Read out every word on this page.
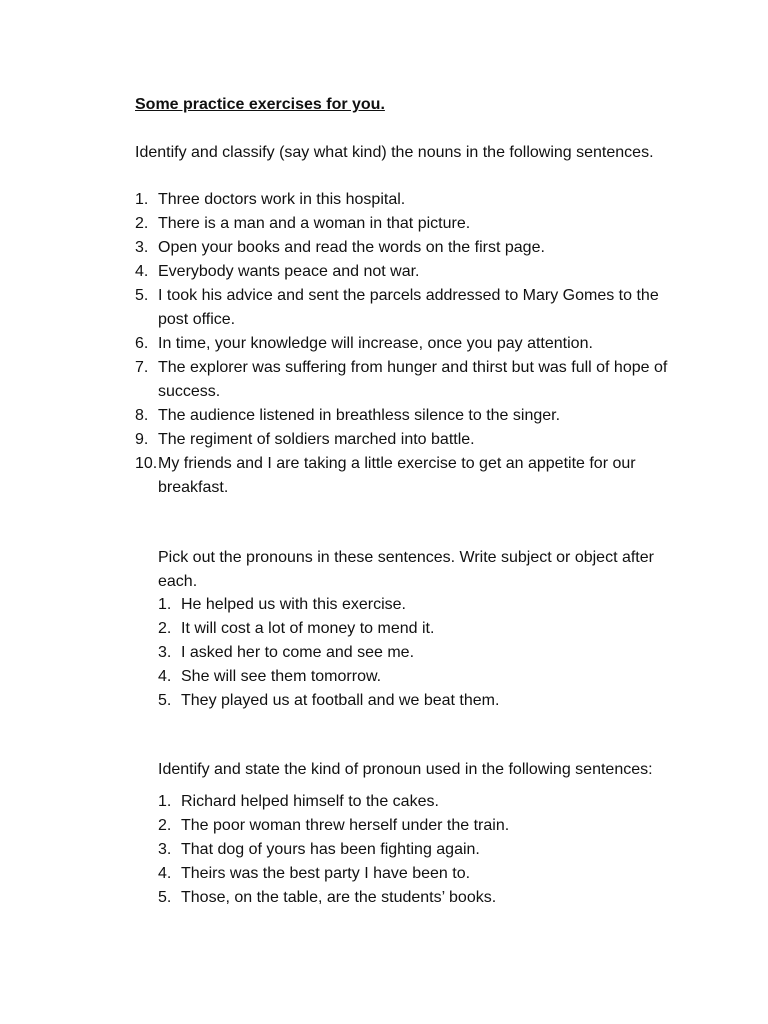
Some practice exercises for you.
Identify and classify (say what kind) the nouns in the following sentences.
1. Three doctors work in this hospital.
2. There is a man and a woman in that picture.
3. Open your books and read the words on the first page.
4. Everybody wants peace and not war.
5. I took his advice and sent the parcels addressed to Mary Gomes to the post office.
6. In time, your knowledge will increase, once you pay attention.
7. The explorer was suffering from hunger and thirst but was full of hope of success.
8. The audience listened in breathless silence to the singer.
9. The regiment of soldiers marched into battle.
10. My friends and I are taking a little exercise to get an appetite for our breakfast.
Pick out the pronouns in these sentences. Write subject or object after each.
1. He helped us with this exercise.
2. It will cost a lot of money to mend it.
3. I asked her to come and see me.
4. She will see them tomorrow.
5. They played us at football and we beat them.
Identify and state the kind of pronoun used in the following sentences:
1. Richard helped himself to the cakes.
2. The poor woman threw herself under the train.
3. That dog of yours has been fighting again.
4. Theirs was the best party I have been to.
5. Those, on the table, are the students’ books.
